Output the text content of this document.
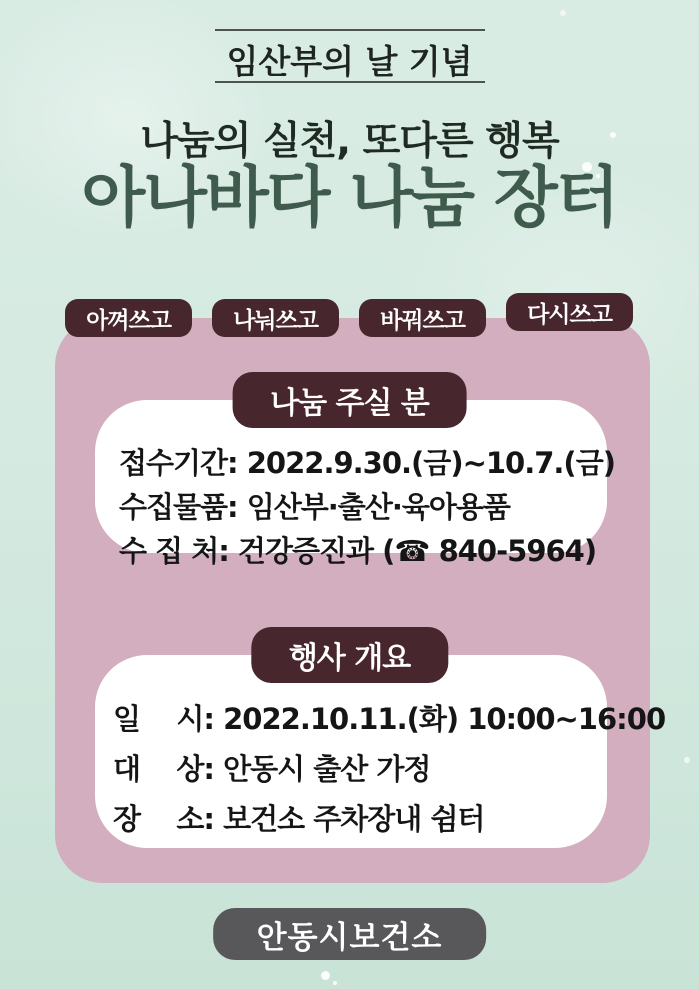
임산부의 날 기념
나눔의 실천, 또다른 행복
아나바다 나눔 장터
아껴쓰고	나눠쓰고	바꿔쓰고	다시쓰고
나눔 주실 분
접수기간: 2022.9.30.(금)~10.7.(금)
수집물품: 임산부·출산·육아용품
수 집 처: 건강증진과 (☎ 840-5964)
행사 개요
일    시: 2022.10.11.(화) 10:00~16:00
대    상: 안동시 출산 가정
장    소: 보건소 주차장내 쉼터
안동시보건소
